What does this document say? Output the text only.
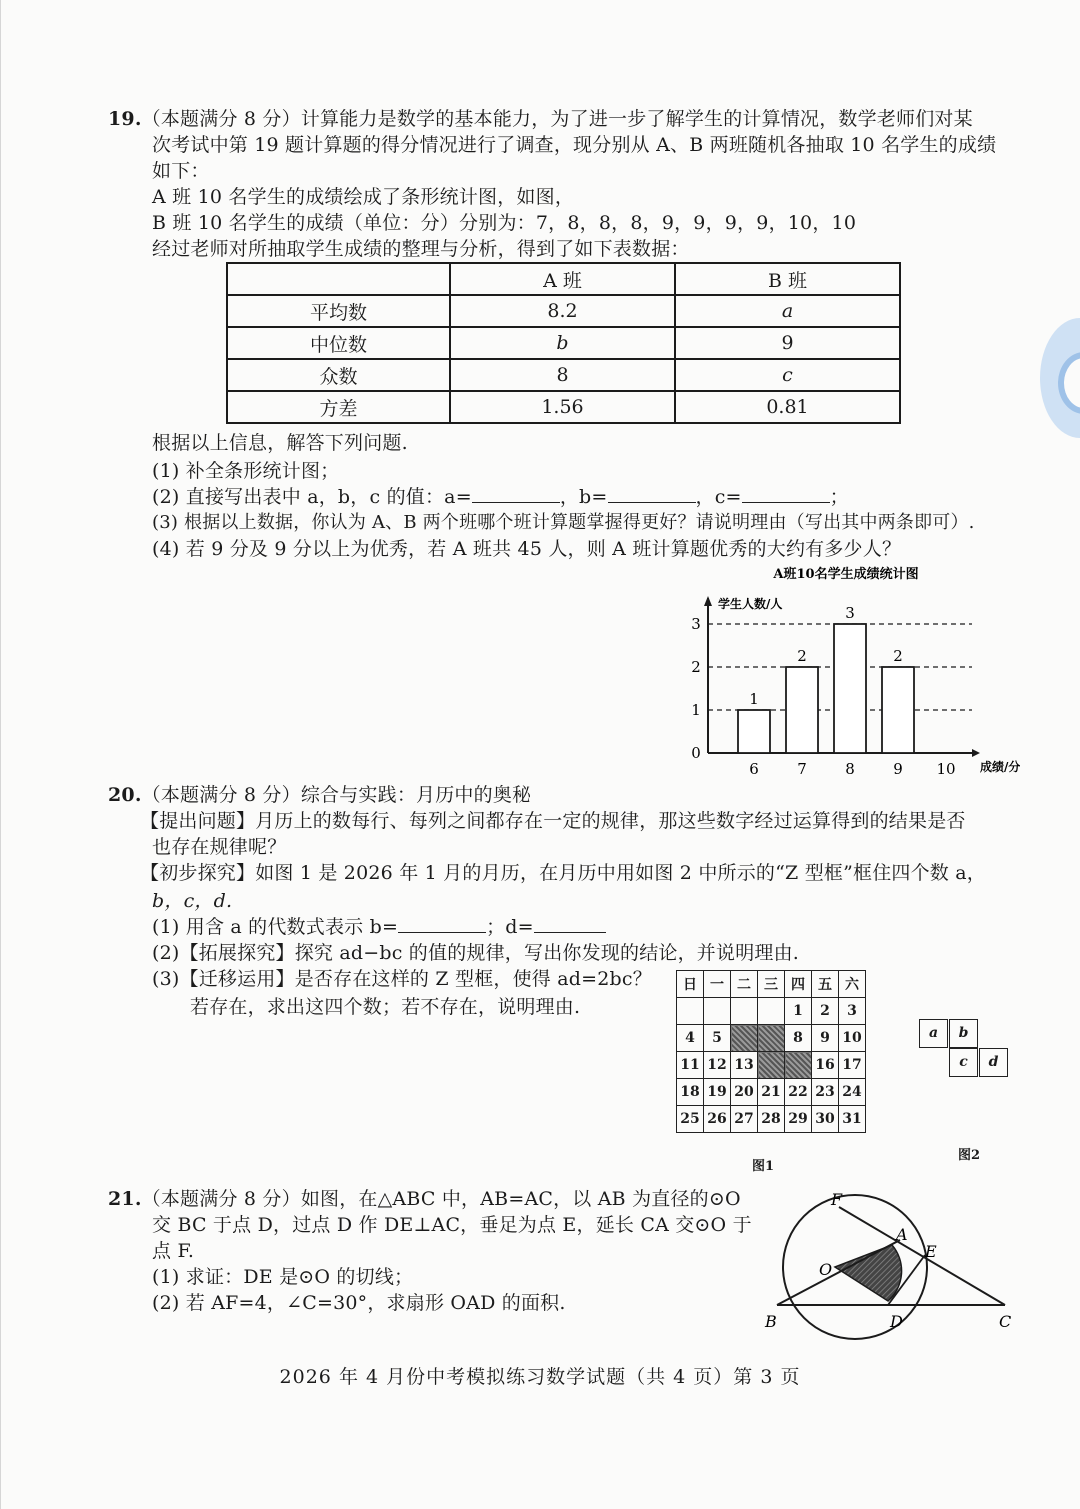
19.（本题满分 8 分）计算能力是数学的基本能力，为了进一步了解学生的计算情况，数学老师们对某
次考试中第 19 题计算题的得分情况进行了调查，现分别从 A、B 两班随机各抽取 10 名学生的成绩
如下：
A 班 10 名学生的成绩绘成了条形统计图，如图，
B 班 10 名学生的成绩（单位：分）分别为：7，8，8，8，9，9，9，9，10，10
经过老师对所抽取学生成绩的整理与分析，得到了如下表数据：
	A 班	B 班
平均数	8.2	a
中位数	b	9
众数	8	c
方差	1.56	0.81
根据以上信息，解答下列问题.
(1) 补全条形统计图；
(2) 直接写出表中 a，b，c 的值：a=	，b=	，c=	；
(3) 根据以上数据，你认为 A、B 两个班哪个班计算题掌握得更好？请说明理由（写出其中两条即可）.
(4) 若 9 分及 9 分以上为优秀，若 A 班共 45 人，则 A 班计算题优秀的大约有多少人？
A班10名学生成绩统计图
学生人数/人
成绩/分
0
1
2
3
1
6
2
7
3
8
2
9 10
20.（本题满分 8 分）综合与实践：月历中的奥秘
【提出问题】月历上的数每行、每列之间都存在一定的规律，那这些数字经过运算得到的结果是否
也存在规律呢？
【初步探究】如图 1 是 2026 年 1 月的月历，在月历中用如图 2 中所示的“Z 型框”框住四个数 a，
b，c，d.
(1) 用含 a 的代数式表示 b=	；d=
(2)【拓展探究】探究 ad−bc 的值的规律，写出你发现的结论，并说明理由.
(3)【迁移运用】是否存在这样的 Z 型框，使得 ad=2bc？
若存在，求出这四个数；若不存在，说明理由.
日	一	二	三	四	五	六
				1	2	3
4	5			8	9	10
11	12	13			16	17
18	19	20	21	22	23	24
25	26	27	28	29	30	31
图1
a	b
c	d
图2
21.（本题满分 8 分）如图，在△ABC 中，AB=AC，以 AB 为直径的⊙O
交 BC 于点 D，过点 D 作 DE⊥AC，垂足为点 E，延长 CA 交⊙O 于
点 F.
(1) 求证：DE 是⊙O 的切线；
(2) 若 AF=4，∠C=30°，求扇形 OAD 的面积.
F
A
E
O
B	D	C
2026 年 4 月份中考模拟练习数学试题（共 4 页）第 3 页
